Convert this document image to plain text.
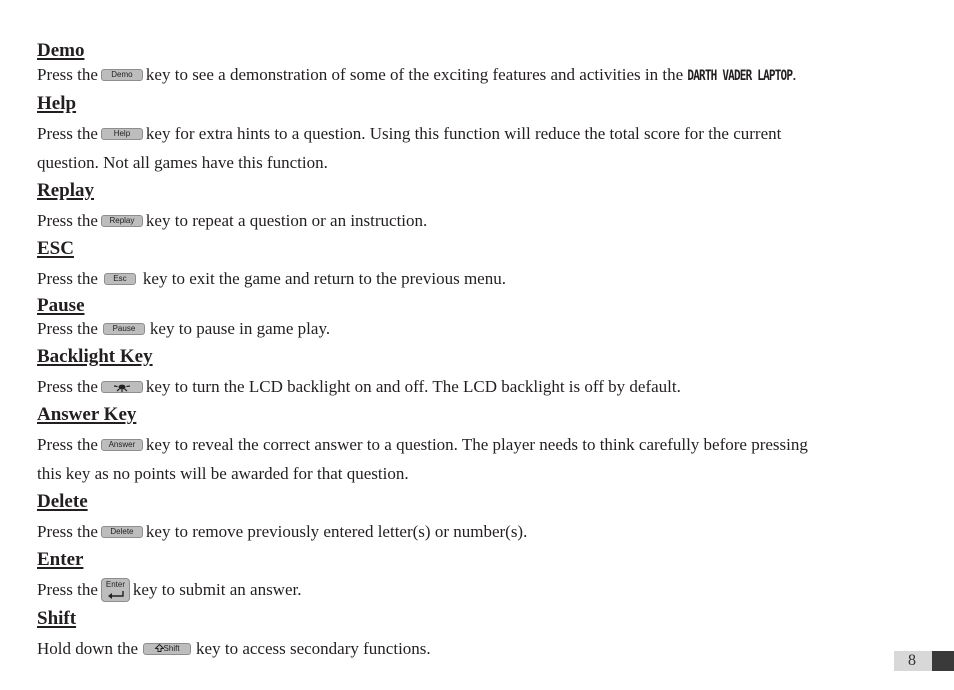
Demo
Press the Demo key to see a demonstration of some of the exciting features and activities in the DARTH VADER LAPTOP.
Help
Press the Help key for extra hints to a question. Using this function will reduce the total score for the current
question. Not all games have this function.
Replay
Press the Replay key to repeat a question or an instruction.
ESC
Press the Esc key to exit the game and return to the previous menu.
Pause
Press the Pause key to pause in game play.
Backlight Key
Press the	key to turn the LCD backlight on and off. The LCD backlight is off by default.
Answer Key
Press the Answer key to reveal the correct answer to a question. The player needs to think carefully before pressing
this key as no points will be awarded for that question.
Delete
Press the Delete key to remove previously entered letter(s) or number(s).
Enter
Press the Enter key to submit an answer.
Shift
Hold down the	Shift key to access secondary functions.
8
